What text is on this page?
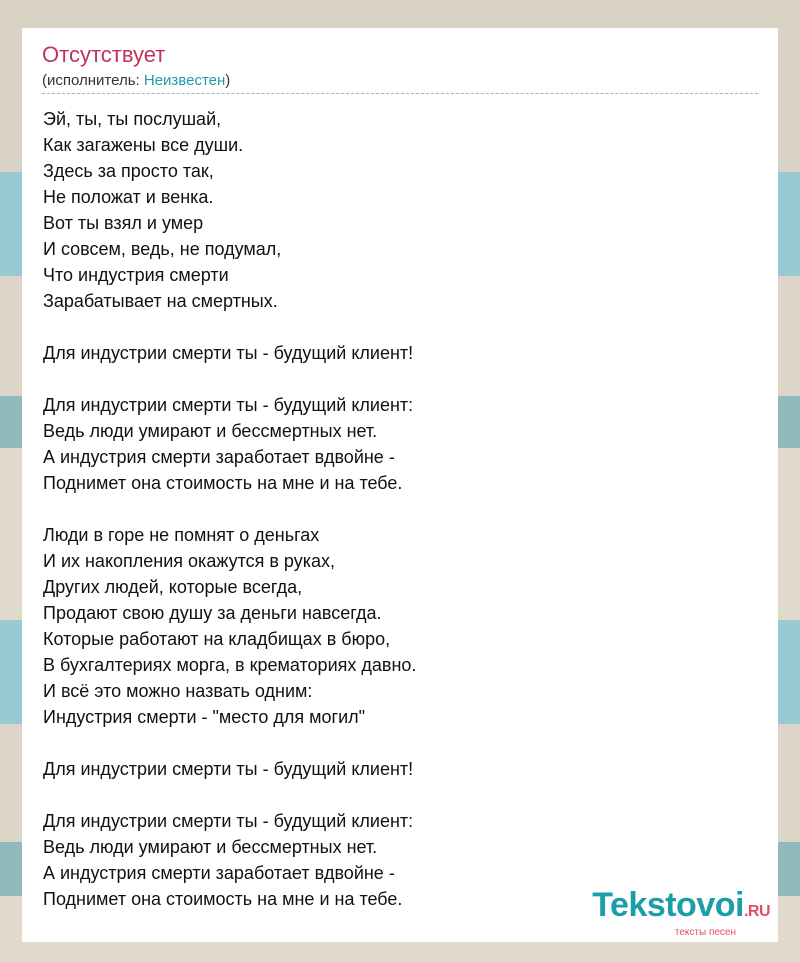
Отсутствует
(исполнитель: Неизвестен)
Эй, ты, ты послушай,
Как загажены все души.
Здесь за просто так,
Не положат и венка.
Вот ты взял и умер
И совсем, ведь, не подумал,
Что индустрия смерти
Зарабатывает на смертных.
Для индустрии смерти ты - будущий клиент!
Для индустрии смерти ты - будущий клиент:
Ведь люди умирают и бессмертных нет.
А индустрия смерти заработает вдвойне -
Поднимет она стоимость на мне и на тебе.
Люди в горе не помнят о деньгах
И их накопления окажутся в руках,
Других людей, которые всегда,
Продают свою душу за деньги навсегда.
Которые работают на кладбищах в бюро,
В бухгалтериях морга, в крематориях давно.
И всё это можно назвать одним:
Индустрия смерти - "место для могил"
Для индустрии смерти ты - будущий клиент!
Для индустрии смерти ты - будущий клиент:
Ведь люди умирают и бессмертных нет.
А индустрия смерти заработает вдвойне -
Поднимет она стоимость на мне и на тебе.	Tekstovoi.RU
тексты песен
